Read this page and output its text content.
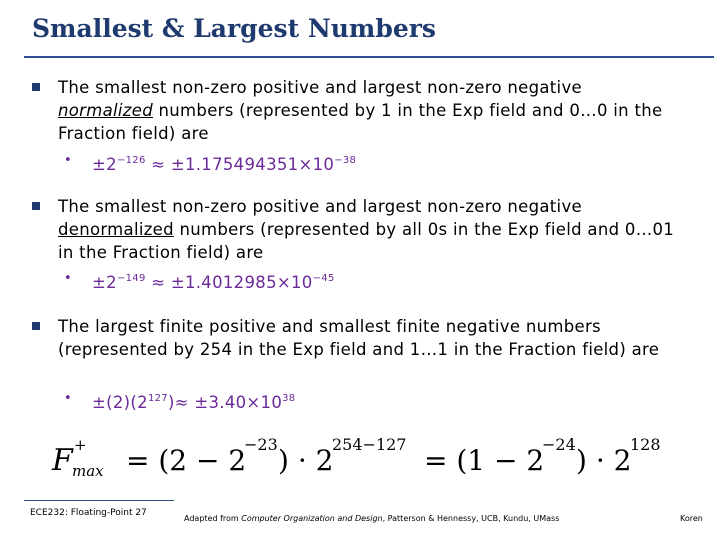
Smallest & Largest Numbers
The smallest non-zero positive and largest non-zero negative normalized numbers (represented by 1 in the Exp field and 0…0 in the Fraction field) are
• $\pm 2^{-126} \approx \pm 1.175494351\times 10^{-38}$
The smallest non-zero positive and largest non-zero negative denormalized numbers (represented by all 0s in the Exp field and 0…01 in the Fraction field) are
• $\pm 2^{-149} \approx \pm 1.4012985\times 10^{-45}$
The largest finite positive and smallest finite negative numbers (represented by 254 in the Exp field and 1…1 in the Fraction field) are
• $\pm(2)(2^{127})\approx \pm 3.40\times 10^{38}$
F +
max = (2 − 2
−23 ) · 2
254−127 = (1 − 2
−24 ) · 2
128
ECE232: Floating-Point 27
Adapted from Computer Organization and Design, Patterson & Hennessy, UCB, Kundu, UMass	Koren
